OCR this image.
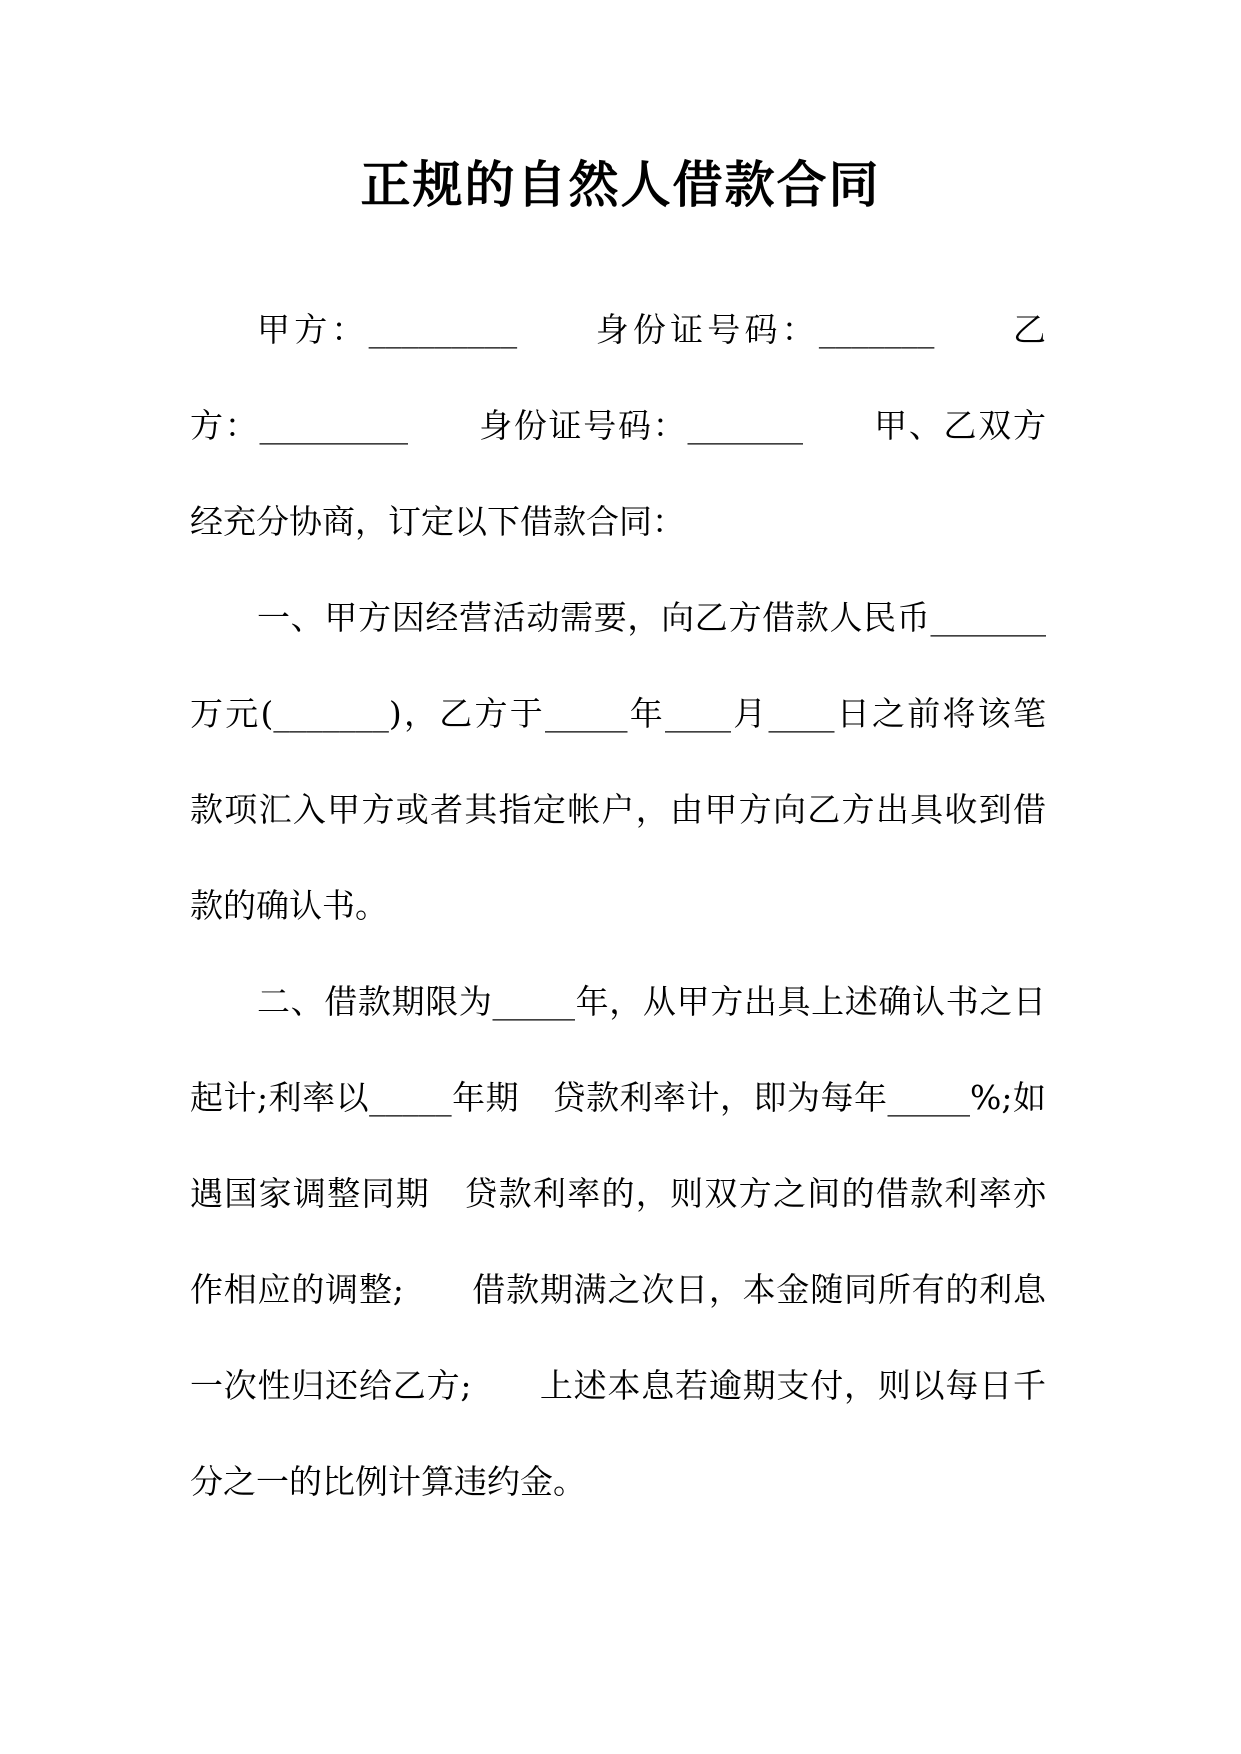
正规的自然人借款合同
甲方：_________　　身份证号码：_______　　乙
方：_________　　身份证号码：_______　　甲、乙双方
经充分协商，订定以下借款合同：
一、甲方因经营活动需要，向乙方借款人民币_______
万元(_______)，乙方于_____年____月____日之前将该笔
款项汇入甲方或者其指定帐户，由甲方向乙方出具收到借
款的确认书。
二、借款期限为_____年，从甲方出具上述确认书之日
起计;利率以_____年期　贷款利率计，即为每年_____%;如
遇国家调整同期　贷款利率的，则双方之间的借款利率亦
作相应的调整;　　借款期满之次日，本金随同所有的利息
一次性归还给乙方;　　上述本息若逾期支付，则以每日千
分之一的比例计算违约金。
